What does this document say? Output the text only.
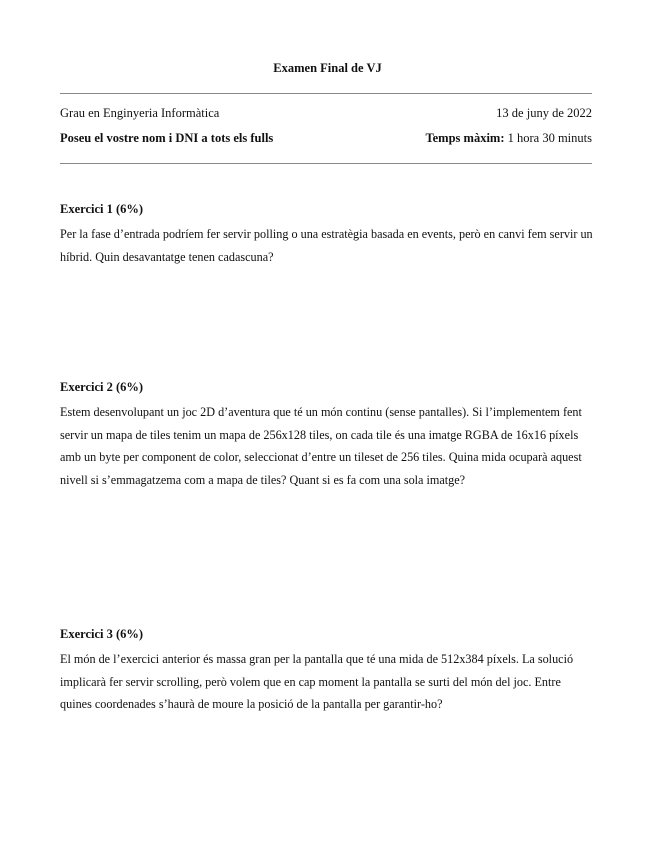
Examen Final de VJ
Grau en Enginyeria Informàtica	13 de juny de 2022
Poseu el vostre nom i DNI a tots els fulls	Temps màxim: 1 hora 30 minuts
Exercici 1 (6%)

Per la fase d’entrada podríem fer servir polling o una estratègia basada en events, però en canvi fem servir un híbrid. Quin desavantatge tenen cadascuna?

Exercici 2 (6%)

Estem desenvolupant un joc 2D d’aventura que té un món continu (sense pantalles). Si l’implementem fent servir un mapa de tiles tenim un mapa de 256x128 tiles, on cada tile és una imatge RGBA de 16x16 píxels amb un byte per component de color, seleccionat d’entre un tileset de 256 tiles. Quina mida ocuparà aquest nivell si s’emmagatzema com a mapa de tiles? Quant si es fa com una sola imatge?

Exercici 3 (6%)

El món de l’exercici anterior és massa gran per la pantalla que té una mida de 512x384 píxels. La solució implicarà fer servir scrolling, però volem que en cap moment la pantalla se surti del món del joc. Entre quines coordenades s’haurà de moure la posició de la pantalla per garantir-ho?
